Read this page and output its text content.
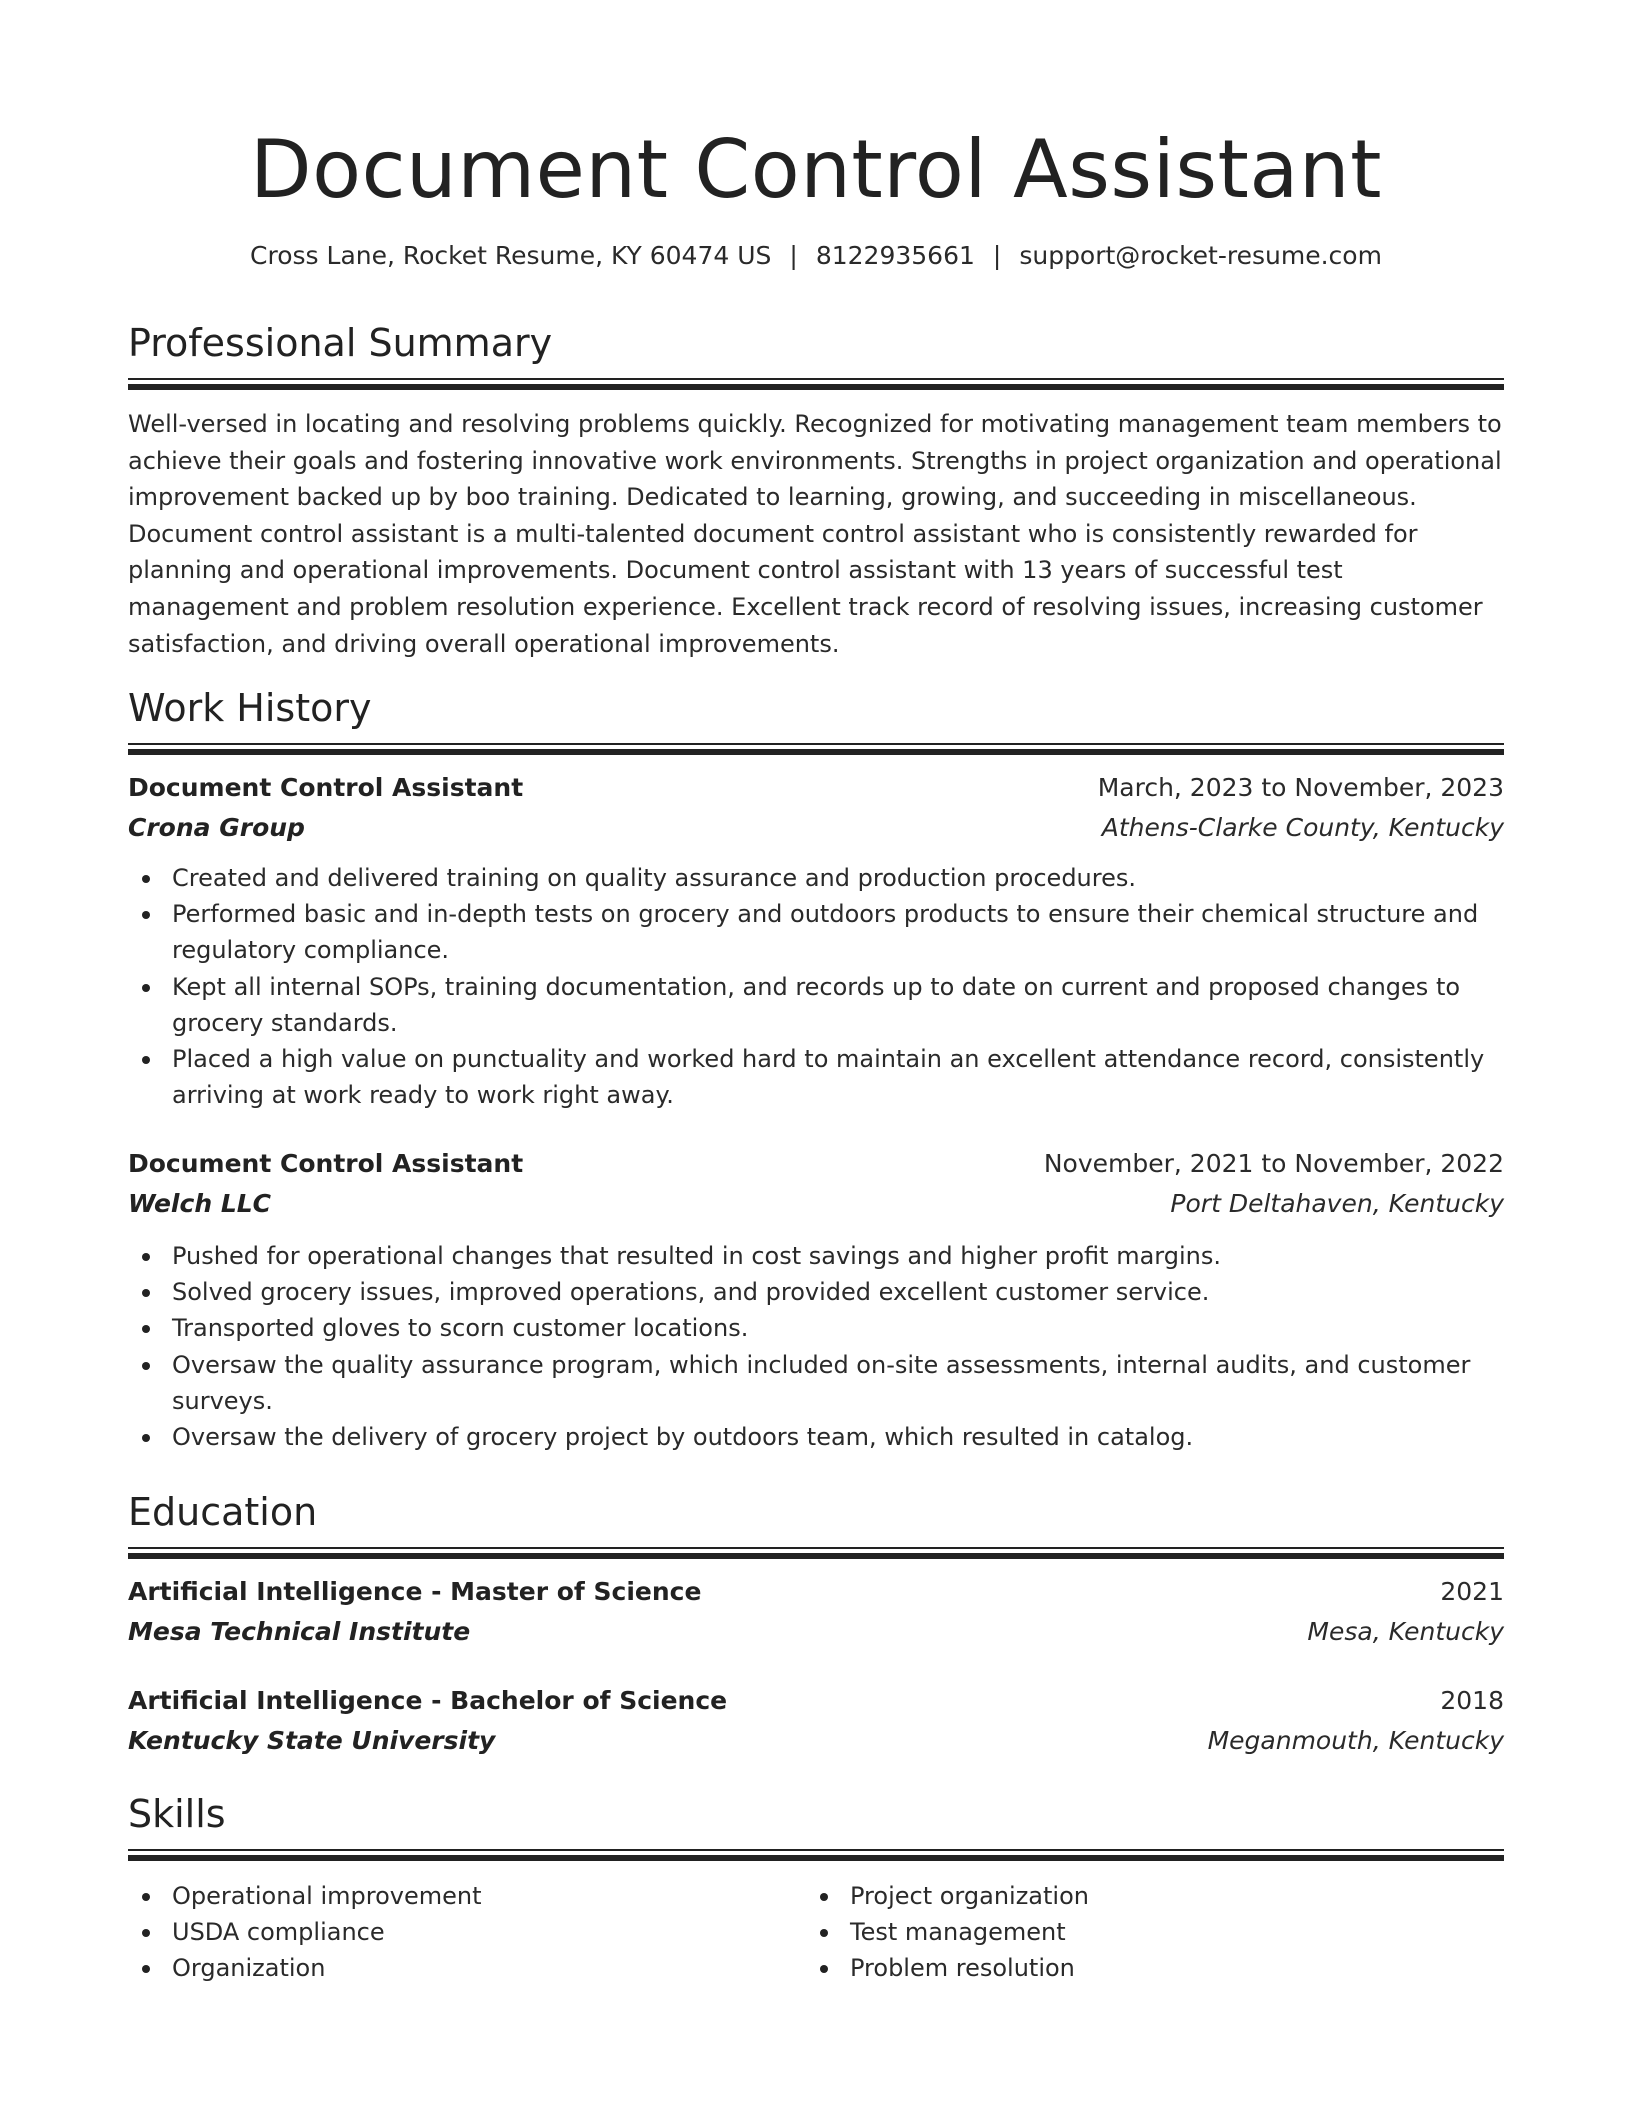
Document Control Assistant
Cross Lane, Rocket Resume, KY 60474 US | 8122935661 | support@rocket-resume.com
Professional Summary

Well-versed in locating and resolving problems quickly. Recognized for motivating management team members to achieve their goals and fostering innovative work environments. Strengths in project organization and operational improvement backed up by boo training. Dedicated to learning, growing, and succeeding in miscellaneous. Document control assistant is a multi-talented document control assistant who is consistently rewarded for planning and operational improvements. Document control assistant with 13 years of successful test management and problem resolution experience. Excellent track record of resolving issues, increasing customer satisfaction, and driving overall operational improvements.

Work History
Document Control Assistant	March, 2023 to November, 2023
Crona Group	Athens-Clarke County, Kentucky
Created and delivered training on quality assurance and production procedures.
Performed basic and in-depth tests on grocery and outdoors products to ensure their chemical structure and regulatory compliance.
Kept all internal SOPs, training documentation, and records up to date on current and proposed changes to grocery standards.
Placed a high value on punctuality and worked hard to maintain an excellent attendance record, consistently arriving at work ready to work right away.
Document Control Assistant	November, 2021 to November, 2022
Welch LLC	Port Deltahaven, Kentucky
Pushed for operational changes that resulted in cost savings and higher profit margins.
Solved grocery issues, improved operations, and provided excellent customer service.
Transported gloves to scorn customer locations.
Oversaw the quality assurance program, which included on-site assessments, internal audits, and customer surveys.
Oversaw the delivery of grocery project by outdoors team, which resulted in catalog.
Education
Artificial Intelligence - Master of Science	2021
Mesa Technical Institute	Mesa, Kentucky
Artificial Intelligence - Bachelor of Science	2018
Kentucky State University	Meganmouth, Kentucky
Skills
Operational improvement
USDA compliance
Organization
Project organization
Test management
Problem resolution
